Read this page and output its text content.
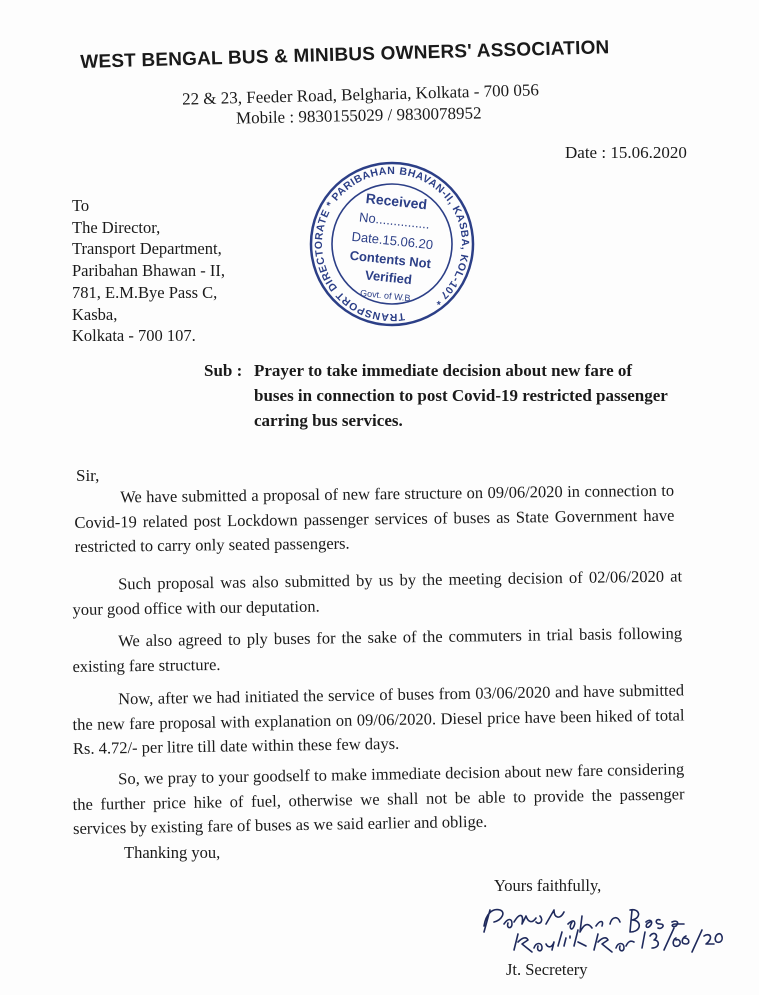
WEST BENGAL BUS & MINIBUS OWNERS' ASSOCIATION
22 & 23, Feeder Road, Belgharia, Kolkata - 700 056
Mobile : 9830155029 / 9830078952
Date : 15.06.2020
To
The Director,
Transport Department,
Paribahan Bhawan - II,
781, E.M.Bye Pass C,
Kasba,
Kolkata - 700 107.
TRANSPORT DIRECTORATE * PARIBAHAN BHAVAN-II, KASBA, KOL-107 *
Received
No...............
Date.15.06.20
Contents Not
Verified
Govt. of W.B.
Sub : Prayer to take immediate decision about new fare of buses in connection to post Covid-19 restricted passenger carring bus services.
Sir,
We have submitted a proposal of new fare structure on 09/06/2020 in connection to Covid-19 related post Lockdown passenger services of buses as State Government have restricted to carry only seated passengers.
Such proposal was also submitted by us by the meeting decision of 02/06/2020 at your good office with our deputation.
We also agreed to ply buses for the sake of the commuters in trial basis following existing fare structure.
Now, after we had initiated the service of buses from 03/06/2020 and have submitted the new fare proposal with explanation on 09/06/2020. Diesel price have been hiked of total Rs. 4.72/- per litre till date within these few days.
So, we pray to your goodself to make immediate decision about new fare considering the further price hike of fuel, otherwise we shall not be able to provide the passenger services by existing fare of buses as we said earlier and oblige.
Thanking you,
Yours faithfully,
Jt. Secretery
